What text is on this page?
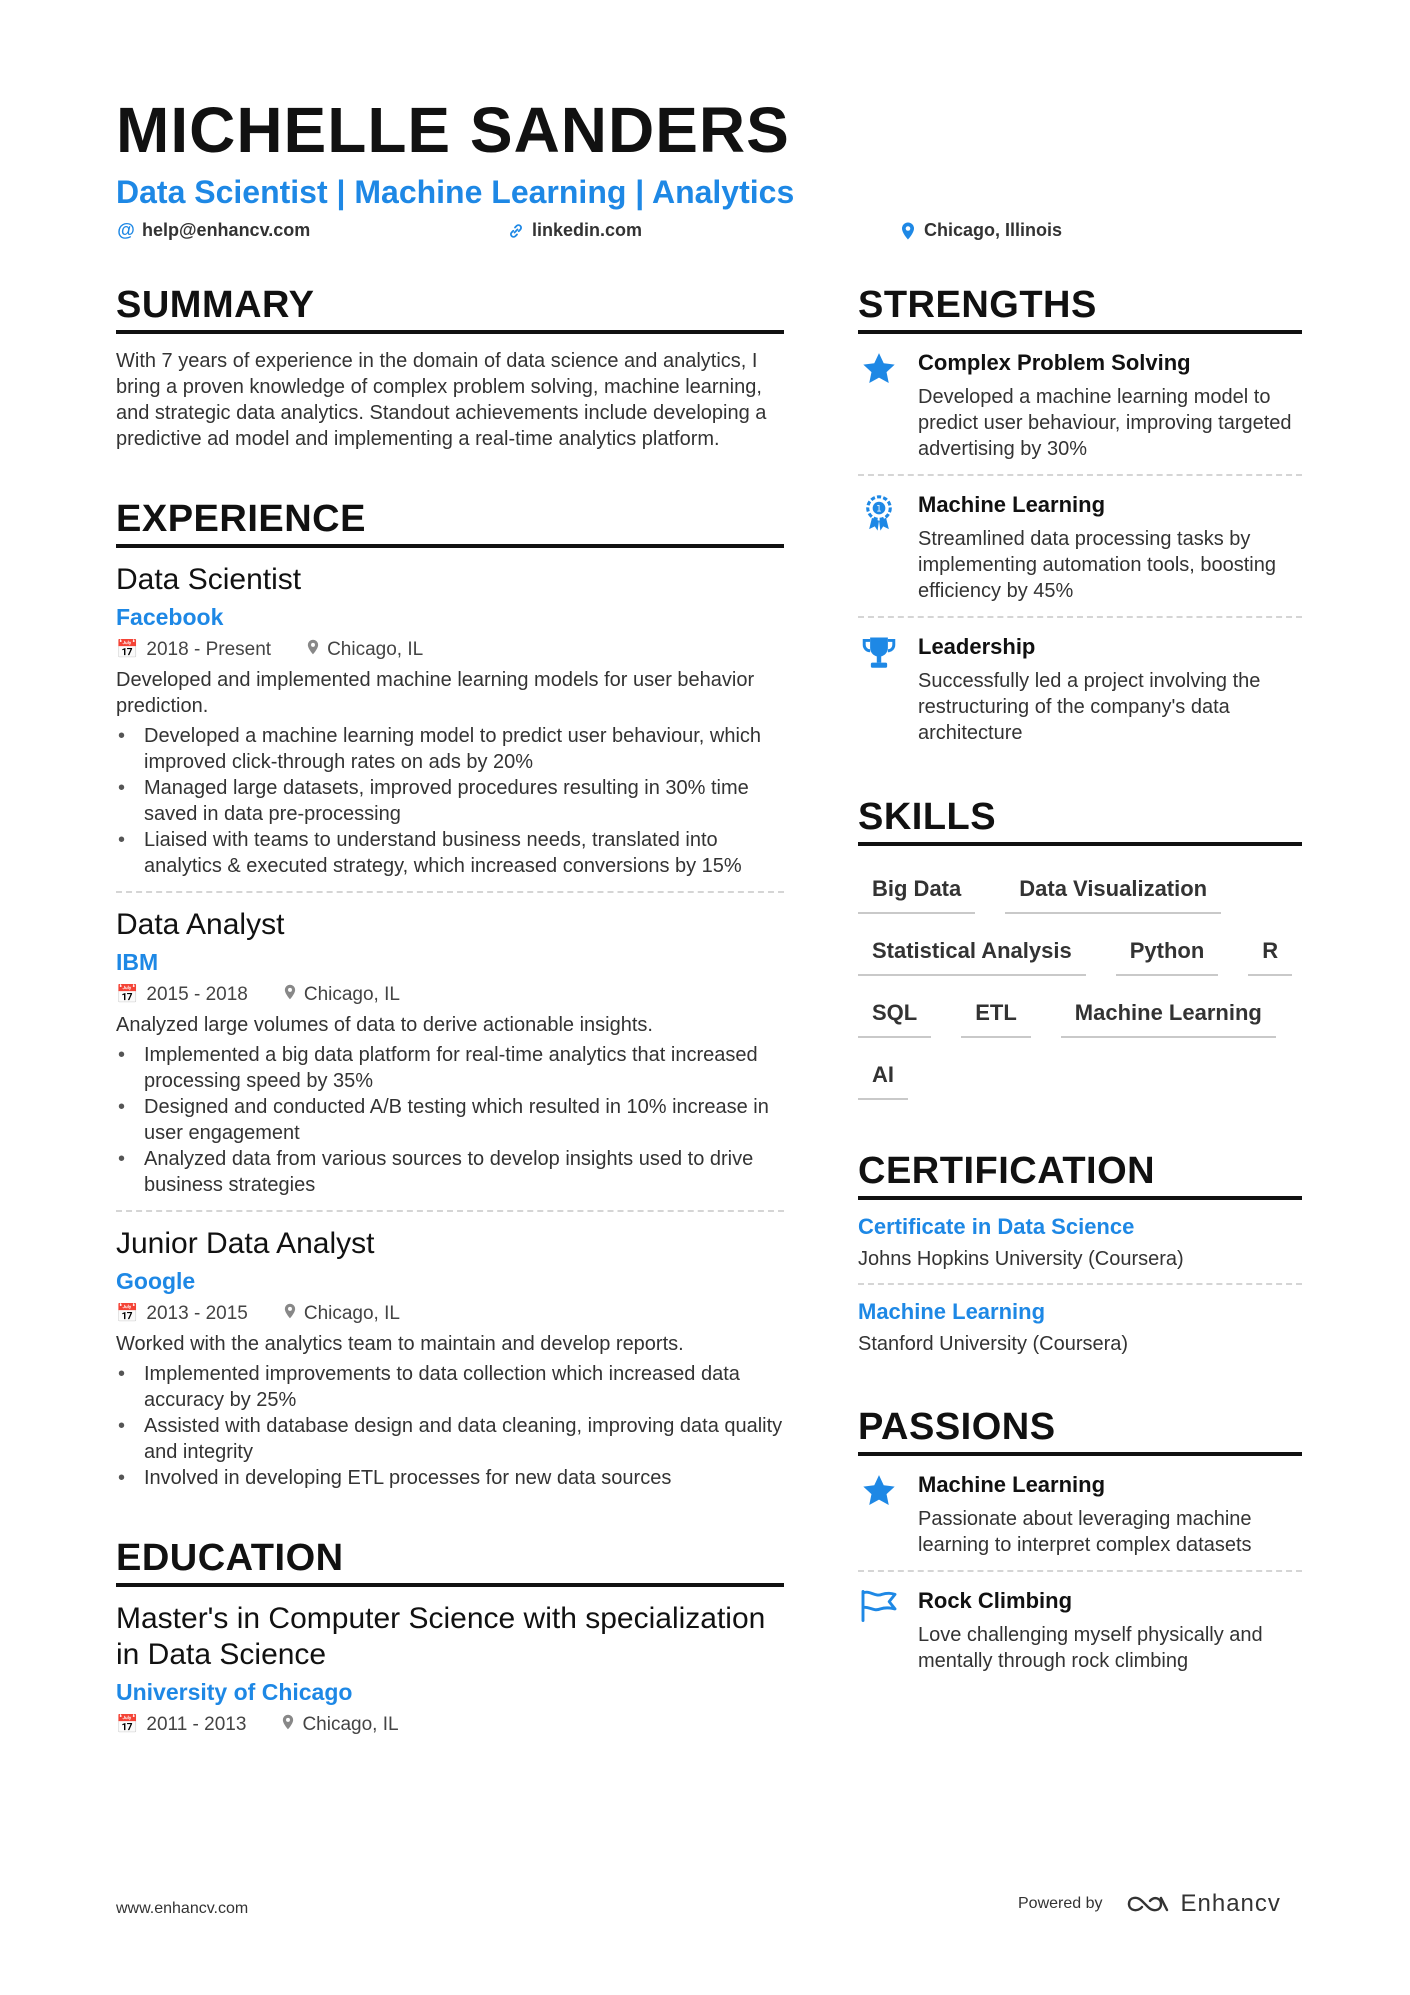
MICHELLE SANDERS
Data Scientist | Machine Learning | Analytics
@ help@enhancv.com	linkedin.com	Chicago, Illinois
SUMMARY
With 7 years of experience in the domain of data science and analytics, I bring a proven knowledge of complex problem solving, machine learning, and strategic data analytics. Standout achievements include developing a predictive ad model and implementing a real-time analytics platform.
EXPERIENCE
Data Scientist
Facebook
📅 2018 - Present	Chicago, IL
Developed and implemented machine learning models for user behavior prediction.
• Developed a machine learning model to predict user behaviour, which improved click-through rates on ads by 20%
• Managed large datasets, improved procedures resulting in 30% time saved in data pre-processing
• Liaised with teams to understand business needs, translated into analytics & executed strategy, which increased conversions by 15%
Data Analyst
IBM
📅 2015 - 2018	Chicago, IL
Analyzed large volumes of data to derive actionable insights.
• Implemented a big data platform for real-time analytics that increased processing speed by 35%
• Designed and conducted A/B testing which resulted in 10% increase in user engagement
• Analyzed data from various sources to develop insights used to drive business strategies
Junior Data Analyst
Google
📅 2013 - 2015	Chicago, IL
Worked with the analytics team to maintain and develop reports.
• Implemented improvements to data collection which increased data accuracy by 25%
• Assisted with database design and data cleaning, improving data quality and integrity
• Involved in developing ETL processes for new data sources
EDUCATION
Master's in Computer Science with specialization in Data Science
University of Chicago
📅 2011 - 2013	Chicago, IL
STRENGTHS
Complex Problem Solving
Developed a machine learning model to predict user behaviour, improving targeted advertising by 30%
1 Machine Learning
Streamlined data processing tasks by implementing automation tools, boosting efficiency by 45%
Leadership
Successfully led a project involving the restructuring of the company's data architecture
SKILLS
Big Data	Data Visualization
Statistical Analysis	Python	R
SQL	ETL	Machine Learning
AI
CERTIFICATION
Certificate in Data Science
Johns Hopkins University (Coursera)
Machine Learning
Stanford University (Coursera)
PASSIONS
Machine Learning
Passionate about leveraging machine learning to interpret complex datasets
Rock Climbing
Love challenging myself physically and mentally through rock climbing
www.enhancv.com	Powered by	Enhancv
